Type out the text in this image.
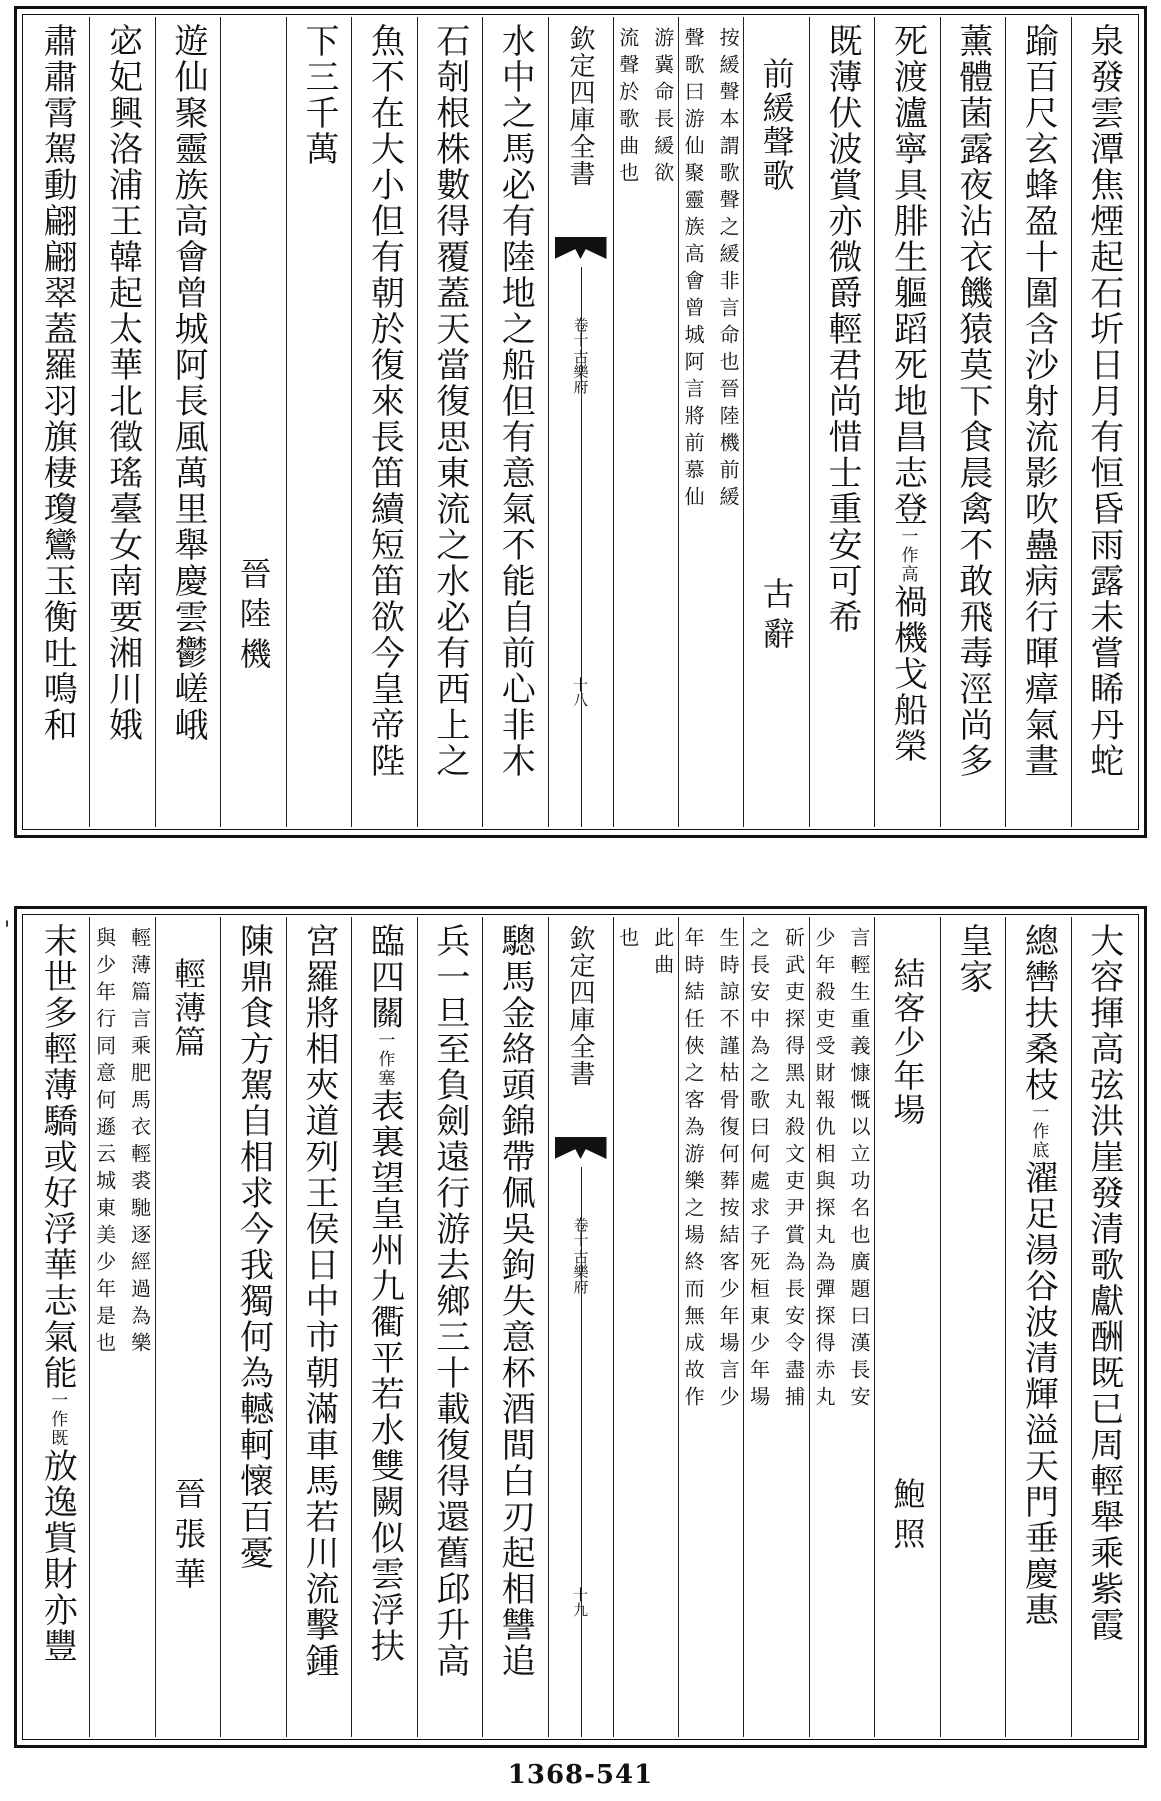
肅肅霄駕動翩翩翠蓋羅羽旗棲瓊鸞玉衡吐鳴和 宓妃興洛浦王韓起太華北徵瑤臺女南要湘川娥 遊仙聚靈族高會曾城阿長風萬里舉慶雲鬱嵯峨 晉陸機
下三千萬 魚不在大小但有朝於復來長笛續短笛欲今皇帝陛 石剞根株數得覆蓋天當復思東流之水必有西上之 水中之馬必有陸地之船但有意氣不能自前心非木 欽定四庫全書
古樂府
卷十
十八
游冀命長緩欲
流聲於歌曲也	按緩聲本謂歌聲之緩非言命也晉陸機前緩
聲歌曰游仙聚靈族高會曾城阿言將前慕仙 前緩聲歌
古辭 既薄伏波賞亦微爵輕君尚惜士重安可希 死渡瀘寧具腓生軀蹈死地昌志登一作高禍機戈船榮 薰體菌露夜沾衣饑猿莫下食晨禽不敢飛毒涇尚多 踰百尺玄蜂盈十圍含沙射流影吹蠱病行暉瘴氣晝 泉發雲潭焦煙起石圻日月有恒昏雨露未嘗睎丹蛇
末世多輕薄驕或好浮華志氣能一作既放逸貲財亦豐
輕薄篇言乘肥馬衣輕裘馳逐經過為樂
與少年行同意何遜云城東美少年是也 輕薄篇
晉張華 陳鼎食方駕自相求今我獨何為轗軻懷百憂 宮羅將相夾道列王侯日中市朝滿車馬若川流擊鍾 臨四關一作塞表裏望皇州九衢平若水雙闕似雲浮扶 兵一旦至負劍遠行游去鄉三十載復得還舊邱升高 驄馬金絡頭錦帶佩吳鉤失意杯酒間白刃起相讐追 欽定四庫全書
古樂府
卷十
十九
此曲
也	生時諒不謹枯骨復何葬按結客少年場言少
年時結任俠之客為游樂之場終而無成故作	斫武吏探得黑丸殺文吏尹賞為長安令盡捕
之長安中為之歌曰何處求子死桓東少年場	言輕生重義慷慨以立功名也廣題曰漢長安
少年殺吏受財報仇相與探丸為彈探得赤丸 結客少年場
鮑照
皇家 總轡扶桑枝一作底濯足湯谷波清輝溢天門垂慶惠 大容揮高弦洪崖發清歌獻酬既已周輕舉乘紫霞
'
1368-541
